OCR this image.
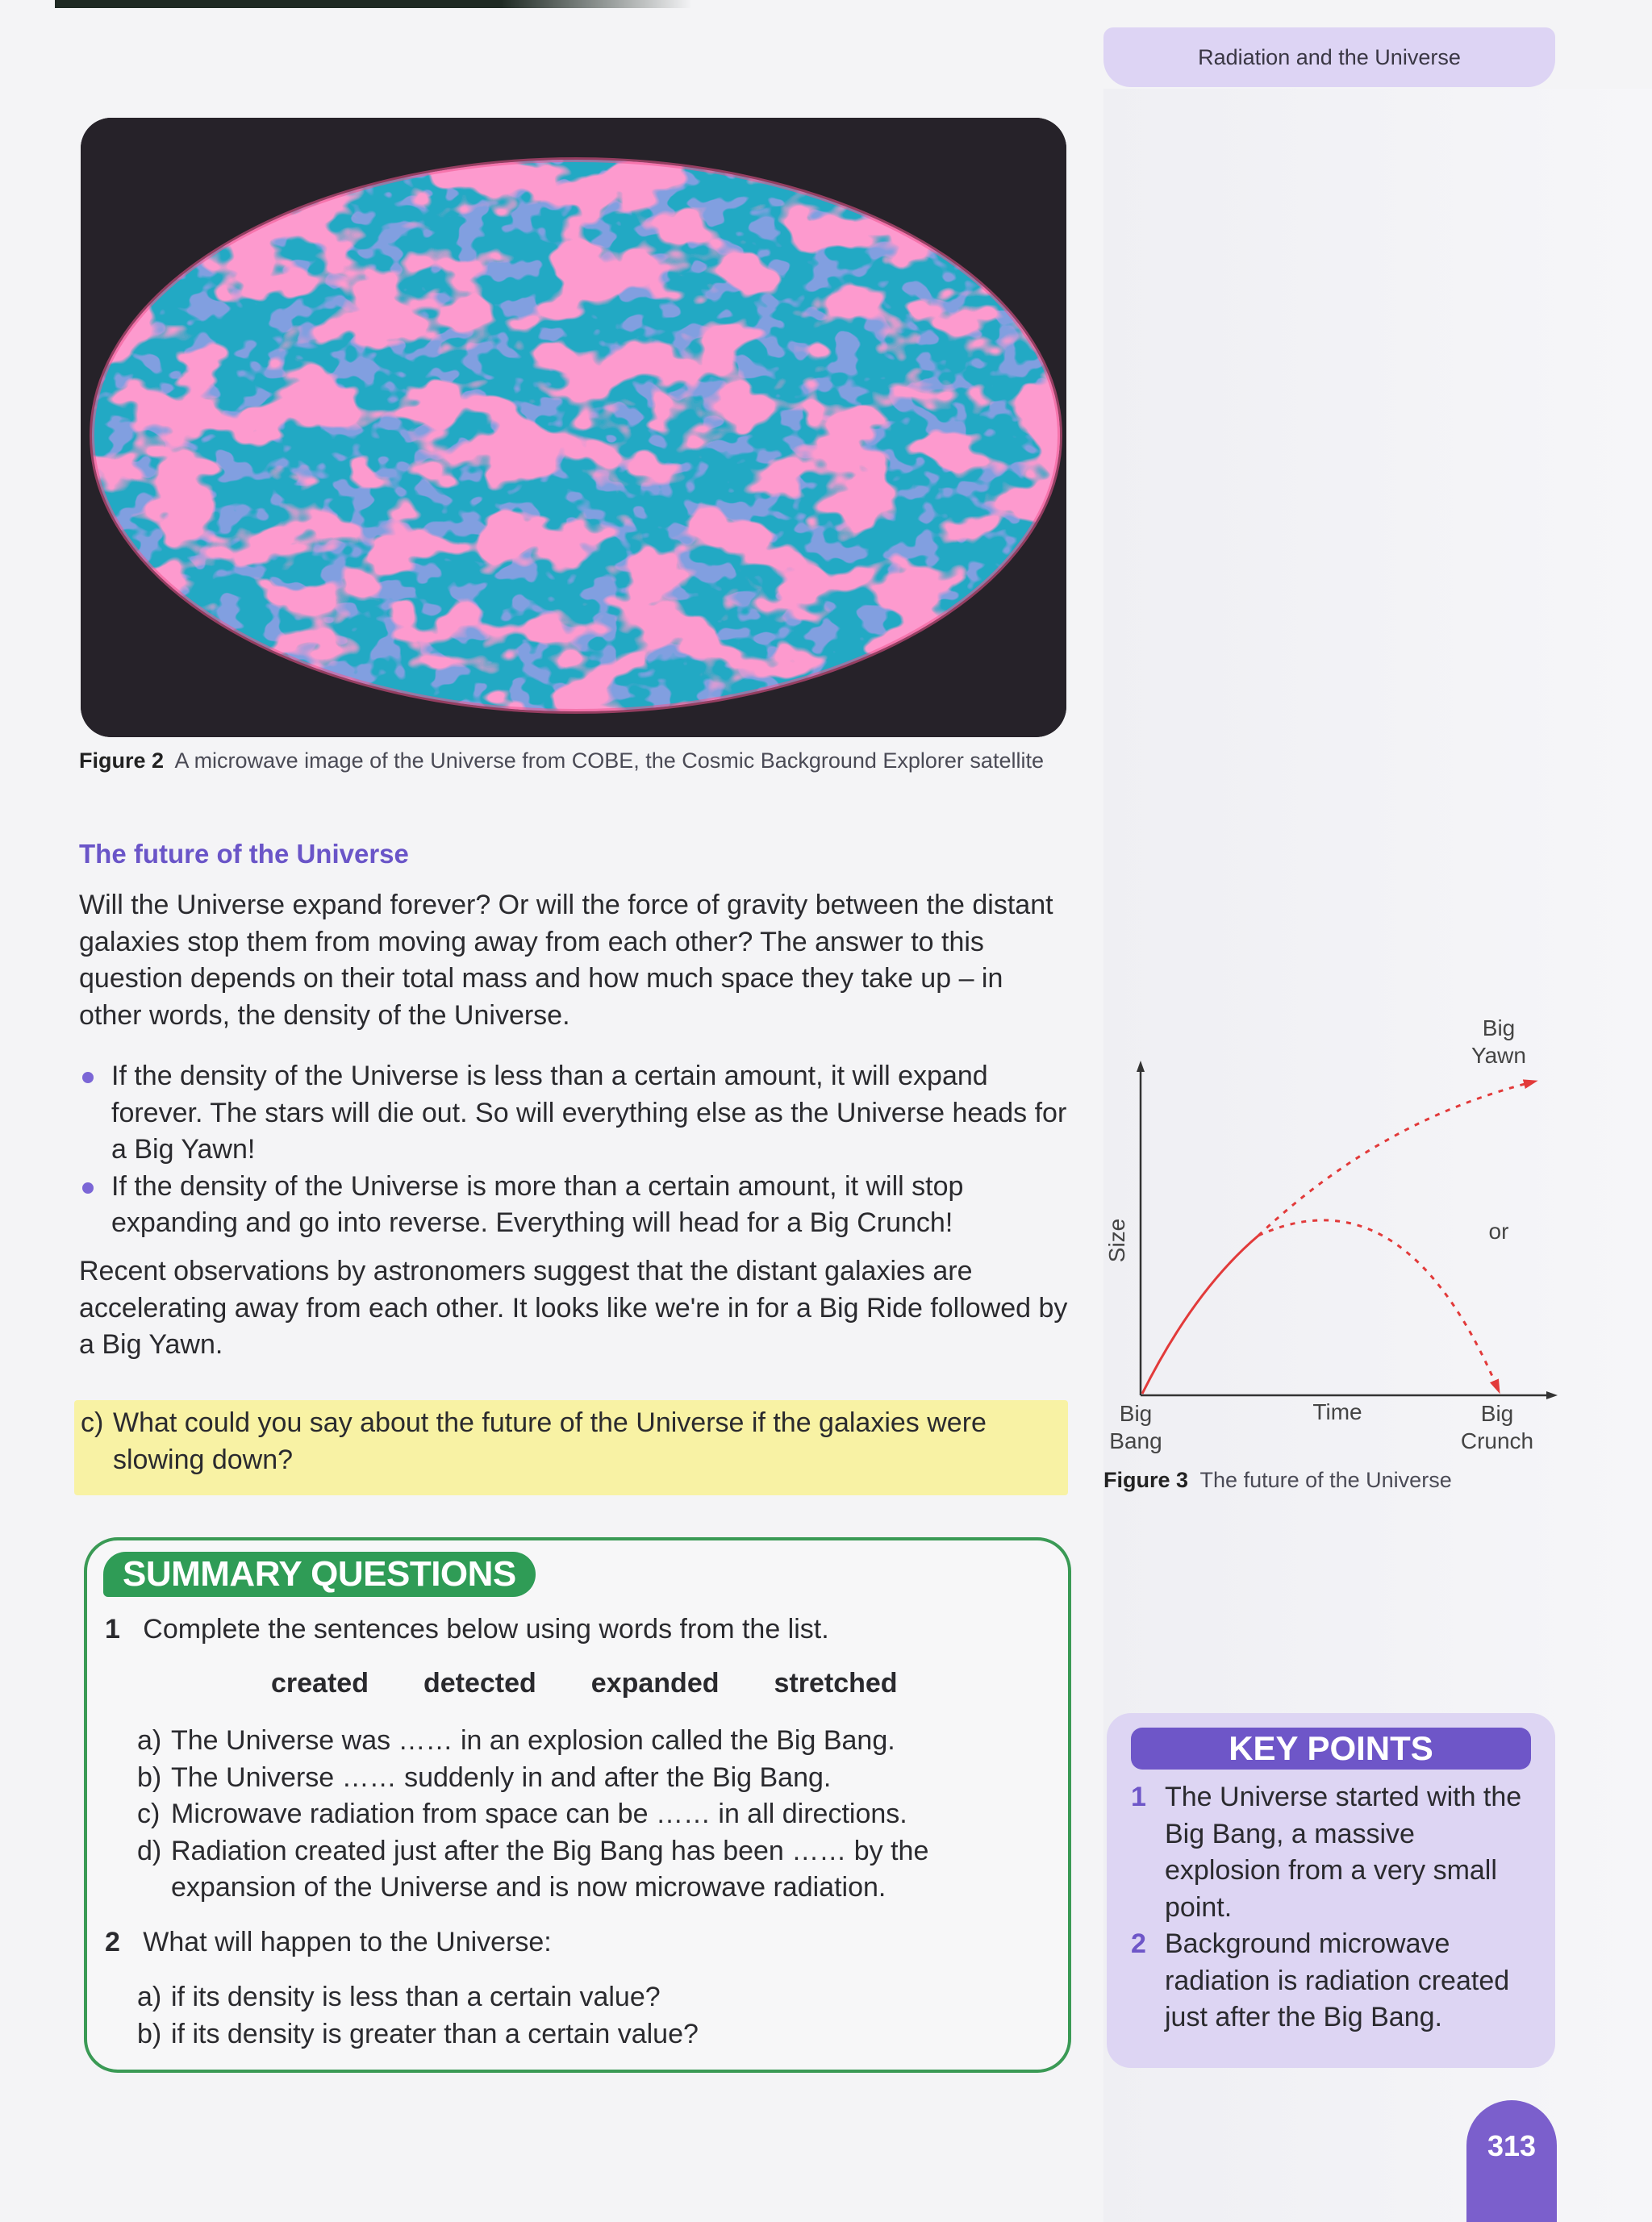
Radiation and the Universe
Figure 2 A microwave image of the Universe from COBE, the Cosmic Background Explorer satellite
The future of the Universe
Will the Universe expand forever? Or will the force of gravity between the distant galaxies stop them from moving away from each other? The answer to this question depends on their total mass and how much space they take up – in other words, the density of the Universe.
If the density of the Universe is less than a certain amount, it will expand forever. The stars will die out. So will everything else as the Universe heads for a Big Yawn!
If the density of the Universe is more than a certain amount, it will stop expanding and go into reverse. Everything will head for a Big Crunch!
Recent observations by astronomers suggest that the distant galaxies are accelerating away from each other. It looks like we're in for a Big Ride followed by a Big Yawn.
c) What could you say about the future of the Universe if the galaxies were slowing down?
SUMMARY QUESTIONS
1 Complete the sentences below using words from the list.
created detected expanded stretched
a) The Universe was …… in an explosion called the Big Bang.
b) The Universe …… suddenly in and after the Big Bang.
c) Microwave radiation from space can be …… in all directions.
d) Radiation created just after the Big Bang has been …… by the expansion of the Universe and is now microwave radiation.
2 What will happen to the Universe:
a) if its density is less than a certain value?
b) if its density is greater than a certain value?
Size
Time
Big
Bang
Big
Crunch
Big
Yawn
or
Figure 3 The future of the Universe
KEY POINTS
1 The Universe started with the Big Bang, a massive explosion from a very small point.
2 Background microwave radiation is radiation created just after the Big Bang.
313
